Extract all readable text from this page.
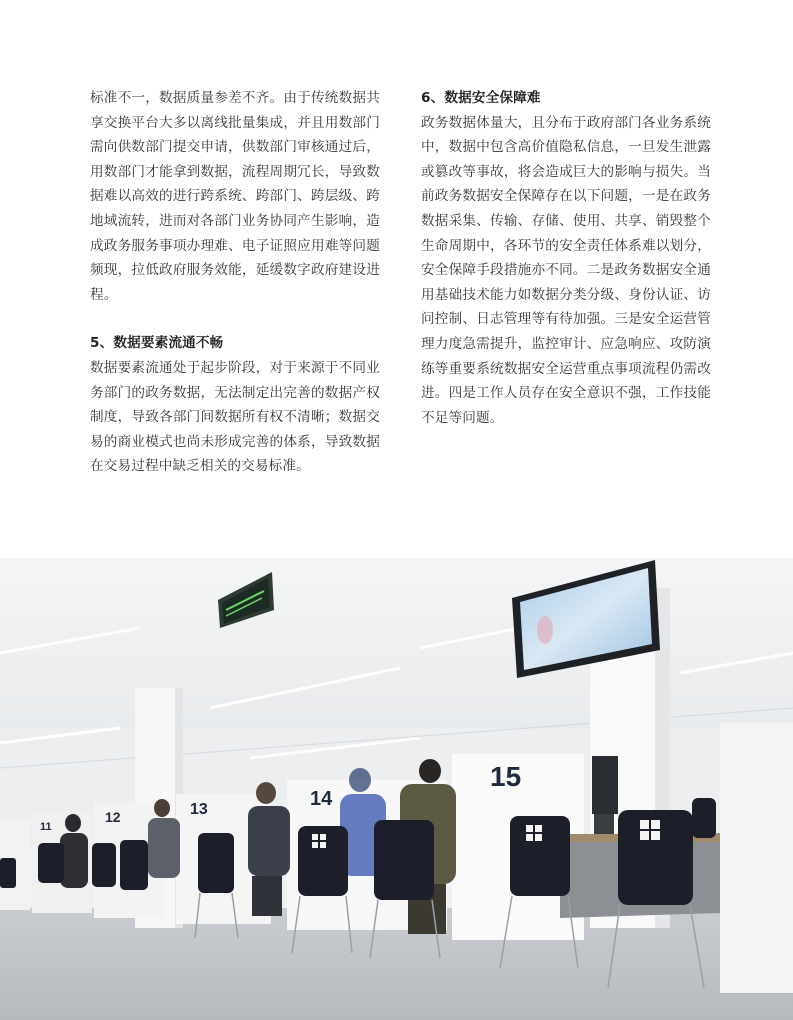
标准不一，数据质量参差不齐。由于传统数据共享交换平台大多以离线批量集成，并且用数部门需向供数部门提交申请，供数部门审核通过后，用数部门才能拿到数据，流程周期冗长，导致数据难以高效的进行跨系统、跨部门、跨层级、跨地域流转，进而对各部门业务协同产生影响，造成政务服务事项办理难、电子证照应用难等问题频现，拉低政府服务效能，延缓数字政府建设进程。

5、数据要素流通不畅

数据要素流通处于起步阶段，对于来源于不同业务部门的政务数据，无法制定出完善的数据产权制度，导致各部门间数据所有权不清晰；数据交易的商业模式也尚未形成完善的体系，导致数据在交易过程中缺乏相关的交易标准。

6、数据安全保障难

政务数据体量大，且分布于政府部门各业务系统中，数据中包含高价值隐私信息，一旦发生泄露或篡改等事故，将会造成巨大的影响与损失。当前政务数据安全保障存在以下问题，一是在政务数据采集、传输、存储、使用、共享、销毁整个生命周期中，各环节的安全责任体系难以划分，安全保障手段措施亦不同。二是政务数据安全通用基础技术能力如数据分类分级、身份认证、访问控制、日志管理等有待加强。三是安全运营管理力度急需提升，监控审计、应急响应、攻防演练等重要系统数据安全运营重点事项流程仍需改进。四是工作人员存在安全意识不强，工作技能不足等问题。

11
12	13	14
15
